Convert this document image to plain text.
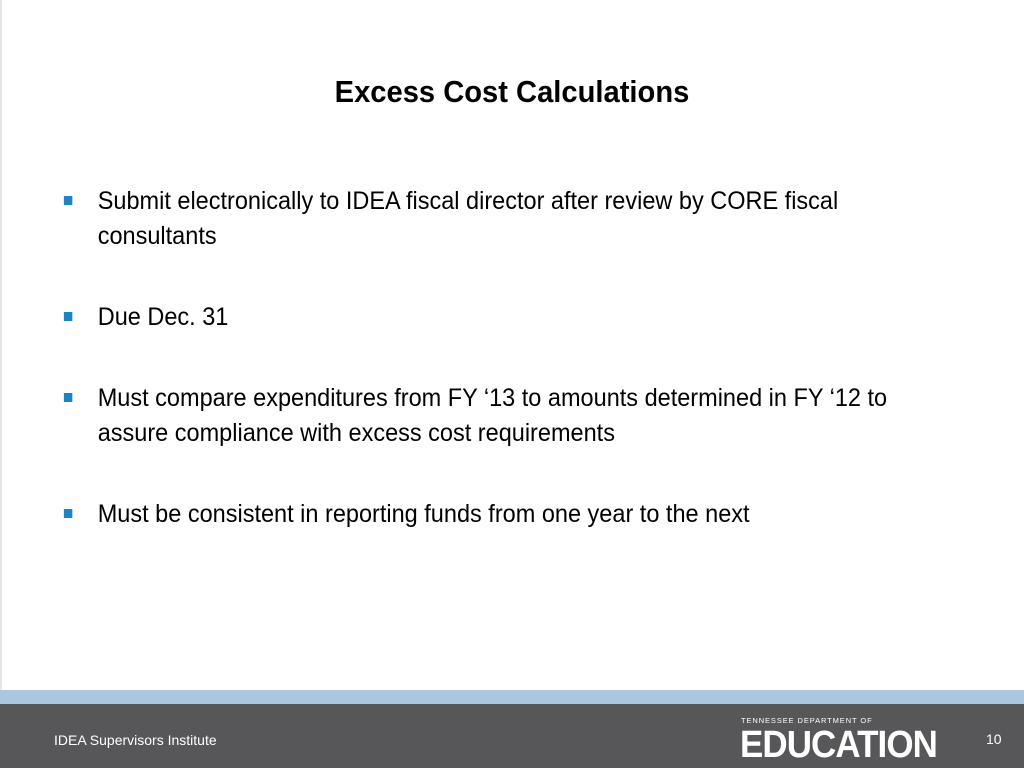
Excess Cost Calculations
Submit electronically to IDEA fiscal director after review by CORE fiscal consultants
Due Dec. 31
Must compare expenditures from FY ‘13 to amounts determined in FY ‘12 to assure compliance with excess cost requirements
Must be consistent in reporting funds from one year to the next
IDEA Supervisors Institute
TENNESSEE DEPARTMENT OF
EDUCATION	10
